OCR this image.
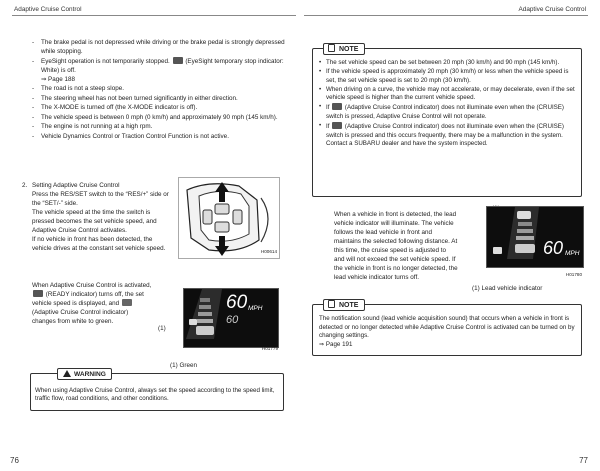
Adaptive Cruise Control	Adaptive Cruise Control
- The brake pedal is not depressed while driving or the brake pedal is strongly depressed while stopping.
- EyeSight operation is not temporarily stopped. (EyeSight temporary stop indicator: White) is off.
⇒ Page 188
- The road is not a steep slope.
- The steering wheel has not been turned significantly in either direction.
- The X-MODE is turned off (the X-MODE indicator is off).
- The vehicle speed is between 0 mph (0 km/h) and approximately 90 mph (145 km/h).
- The engine is not running at a high rpm.
- Vehicle Dynamics Control or Traction Control Function is not active.
2. Setting Adaptive Cruise Control
Press the RES/SET switch to the “RES/+” side or the “SET/-” side.
The vehicle speed at the time the switch is pressed becomes the set vehicle speed, and Adaptive Cruise Control activates.
If no vehicle in front has been detected, the vehicle drives at the constant set vehicle speed.	H00614
When Adaptive Cruise Control is activated,  (READY indicator) turns off, the set vehicle speed is displayed, and  (Adaptive Cruise Control indicator) changes from white to green.
(1)
60 MPH
60
H01779
(1) Green
WARNING
When using Adaptive Cruise Control, always set the speed according to the speed limit, traffic flow, road conditions, and other conditions.
NOTE
• The set vehicle speed can be set between 20 mph (30 km/h) and 90 mph (145 km/h).
• If the vehicle speed is approximately 20 mph (30 km/h) or less when the vehicle speed is set, the set vehicle speed is set to 20 mph (30 km/h).
• When driving on a curve, the vehicle may not accelerate, or may decelerate, even if the set vehicle speed is higher than the current vehicle speed.
• If (Adaptive Cruise Control indicator) does not illuminate even when the (CRUISE) switch is pressed, Adaptive Cruise Control will not operate.
• If (Adaptive Cruise Control indicator) does not illuminate even when the (CRUISE) switch is pressed and this occurs frequently, there may be a malfunction in the system. Contact a SUBARU dealer and have the system inspected.
When a vehicle in front is detected, the lead vehicle indicator will illuminate. The vehicle follows the lead vehicle in front and maintains the selected following distance. At this time, the cruise speed is adjusted to and will not exceed the set vehicle speed. If the vehicle in front is no longer detected, the lead vehicle indicator turns off.
60 MPH
H01780
(1) Lead vehicle indicator
NOTE
The notification sound (lead vehicle acquisition sound) that occurs when a vehicle in front is detected or no longer detected while Adaptive Cruise Control is activated can be turned on by changing settings.
⇒ Page 191
76	77
